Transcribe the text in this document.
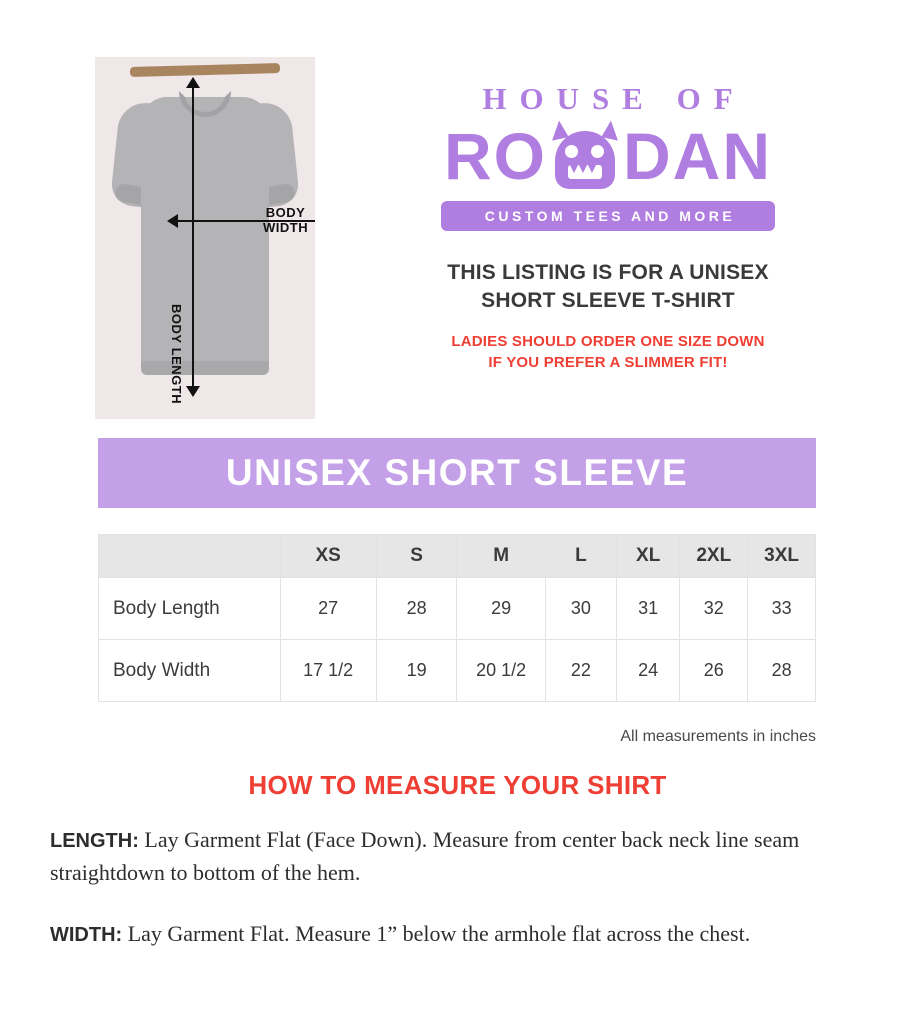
BODY
WIDTH
BODY LENGTH
HOUSE OF
RO DAN
CUSTOM TEES AND MORE
THIS LISTING IS FOR A UNISEX
SHORT SLEEVE T-SHIRT
LADIES SHOULD ORDER ONE SIZE DOWN
IF YOU PREFER A SLIMMER FIT!
UNISEX SHORT SLEEVE
	XS	S	M	L	XL	2XL	3XL
Body Length	27	28	29	30	31	32	33
Body Width	17 1/2	19	20 1/2	22	24	26	28
All measurements in inches
HOW TO MEASURE YOUR SHIRT
LENGTH: Lay Garment Flat (Face Down). Measure from center back neck line seam straightdown to bottom of the hem.
WIDTH: Lay Garment Flat. Measure 1” below the armhole flat across the chest.
